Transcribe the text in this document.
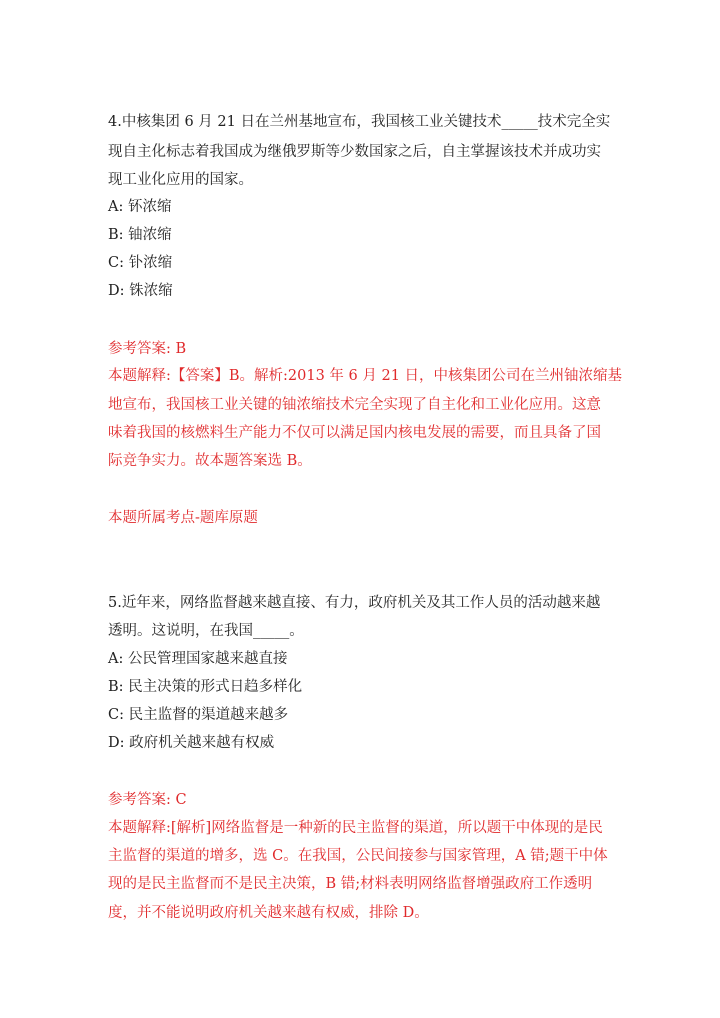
4.中核集团 6 月 21 日在兰州基地宣布，我国核工业关键技术_____技术完全实
现自主化标志着我国成为继俄罗斯等少数国家之后，自主掌握该技术并成功实
现工业化应用的国家。
A: 钚浓缩
B: 铀浓缩
C: 钋浓缩
D: 铢浓缩
参考答案: B
本题解释:【答案】B。解析:2013 年 6 月 21 日，中核集团公司在兰州铀浓缩基
地宣布，我国核工业关键的铀浓缩技术完全实现了自主化和工业化应用。这意
味着我国的核燃料生产能力不仅可以满足国内核电发展的需要，而且具备了国
际竞争实力。故本题答案选 B。
本题所属考点-题库原题
5.近年来，网络监督越来越直接、有力，政府机关及其工作人员的活动越来越
透明。这说明，在我国_____。
A: 公民管理国家越来越直接
B: 民主决策的形式日趋多样化
C: 民主监督的渠道越来越多
D: 政府机关越来越有权威
参考答案: C
本题解释:[解析]网络监督是一种新的民主监督的渠道，所以题干中体现的是民
主监督的渠道的增多，选 C。在我国，公民间接参与国家管理，A 错;题干中体
现的是民主监督而不是民主决策，B 错;材料表明网络监督增强政府工作透明
度，并不能说明政府机关越来越有权威，排除 D。
